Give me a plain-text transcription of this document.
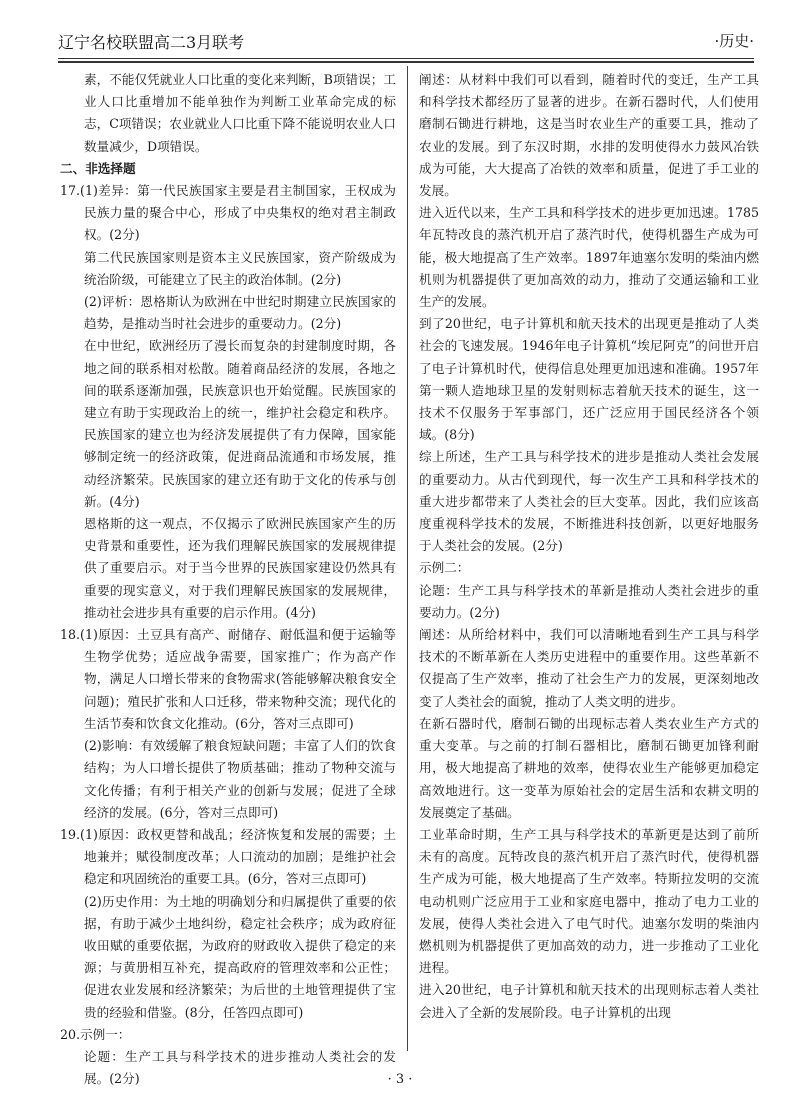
辽宁名校联盟高二3月联考	·历史·

素，不能仅凭就业人口比重的变化来判断，B项错误；工业人口比重增加不能单独作为判断工业革命完成的标志，C项错误；农业就业人口比重下降不能说明农业人口数量减少，D项错误。

二、非选择题

17.(1)差异：第一代民族国家主要是君主制国家，王权成为民族力量的聚合中心，形成了中央集权的绝对君主制政权。(2分)

第二代民族国家则是资本主义民族国家，资产阶级成为统治阶级，可能建立了民主的政治体制。(2分)

(2)评析：恩格斯认为欧洲在中世纪时期建立民族国家的趋势，是推动当时社会进步的重要动力。(2分)

在中世纪，欧洲经历了漫长而复杂的封建制度时期，各地之间的联系相对松散。随着商品经济的发展，各地之间的联系逐渐加强，民族意识也开始觉醒。民族国家的建立有助于实现政治上的统一，维护社会稳定和秩序。民族国家的建立也为经济发展提供了有力保障，国家能够制定统一的经济政策，促进商品流通和市场发展，推动经济繁荣。民族国家的建立还有助于文化的传承与创新。(4分)

恩格斯的这一观点，不仅揭示了欧洲民族国家产生的历史背景和重要性，还为我们理解民族国家的发展规律提供了重要启示。对于当今世界的民族国家建设仍然具有重要的现实意义，对于我们理解民族国家的发展规律，推动社会进步具有重要的启示作用。(4分)

18.(1)原因：土豆具有高产、耐储存、耐低温和便于运输等生物学优势；适应战争需要，国家推广；作为高产作物，满足人口增长带来的食物需求(答能够解决粮食安全问题)；殖民扩张和人口迁移，带来物种交流；现代化的生活节奏和饮食文化推动。(6分，答对三点即可)

(2)影响：有效缓解了粮食短缺问题；丰富了人们的饮食结构；为人口增长提供了物质基础；推动了物种交流与文化传播；有利于相关产业的创新与发展；促进了全球经济的发展。(6分，答对三点即可)

19.(1)原因：政权更替和战乱；经济恢复和发展的需要；土地兼并；赋役制度改革；人口流动的加剧；是维护社会稳定和巩固统治的重要工具。(6分，答对三点即可)

(2)历史作用：为土地的明确划分和归属提供了重要的依据，有助于减少土地纠纷，稳定社会秩序；成为政府征收田赋的重要依据，为政府的财政收入提供了稳定的来源；与黄册相互补充，提高政府的管理效率和公正性；促进农业发展和经济繁荣；为后世的土地管理提供了宝贵的经验和借鉴。(8分，任答四点即可)

20.示例一：

论题：生产工具与科学技术的进步推动人类社会的发展。(2分)

阐述：从材料中我们可以看到，随着时代的变迁，生产工具和科学技术都经历了显著的进步。在新石器时代，人们使用磨制石锄进行耕地，这是当时农业生产的重要工具，推动了农业的发展。到了东汉时期，水排的发明使得水力鼓风冶铁成为可能，大大提高了冶铁的效率和质量，促进了手工业的发展。

进入近代以来，生产工具和科学技术的进步更加迅速。1785年瓦特改良的蒸汽机开启了蒸汽时代，使得机器生产成为可能，极大地提高了生产效率。1897年迪塞尔发明的柴油内燃机则为机器提供了更加高效的动力，推动了交通运输和工业生产的发展。

到了20世纪，电子计算机和航天技术的出现更是推动了人类社会的飞速发展。1946年电子计算机“埃尼阿克”的问世开启了电子计算机时代，使得信息处理更加迅速和准确。1957年第一颗人造地球卫星的发射则标志着航天技术的诞生，这一技术不仅服务于军事部门，还广泛应用于国民经济各个领域。(8分)

综上所述，生产工具与科学技术的进步是推动人类社会发展的重要动力。从古代到现代，每一次生产工具和科学技术的重大进步都带来了人类社会的巨大变革。因此，我们应该高度重视科学技术的发展，不断推进科技创新，以更好地服务于人类社会的发展。(2分)

示例二：

论题：生产工具与科学技术的革新是推动人类社会进步的重要动力。(2分)

阐述：从所给材料中，我们可以清晰地看到生产工具与科学技术的不断革新在人类历史进程中的重要作用。这些革新不仅提高了生产效率，推动了社会生产力的发展，更深刻地改变了人类社会的面貌，推动了人类文明的进步。

在新石器时代，磨制石锄的出现标志着人类农业生产方式的重大变革。与之前的打制石器相比，磨制石锄更加锋利耐用，极大地提高了耕地的效率，使得农业生产能够更加稳定高效地进行。这一变革为原始社会的定居生活和农耕文明的发展奠定了基础。

工业革命时期，生产工具与科学技术的革新更是达到了前所未有的高度。瓦特改良的蒸汽机开启了蒸汽时代，使得机器生产成为可能，极大地提高了生产效率。特斯拉发明的交流电动机则广泛应用于工业和家庭电器中，推动了电力工业的发展，使得人类社会进入了电气时代。迪塞尔发明的柴油内燃机则为机器提供了更加高效的动力，进一步推动了工业化进程。

进入20世纪，电子计算机和航天技术的出现则标志着人类社会进入了全新的发展阶段。电子计算机的出现

· 3 ·
